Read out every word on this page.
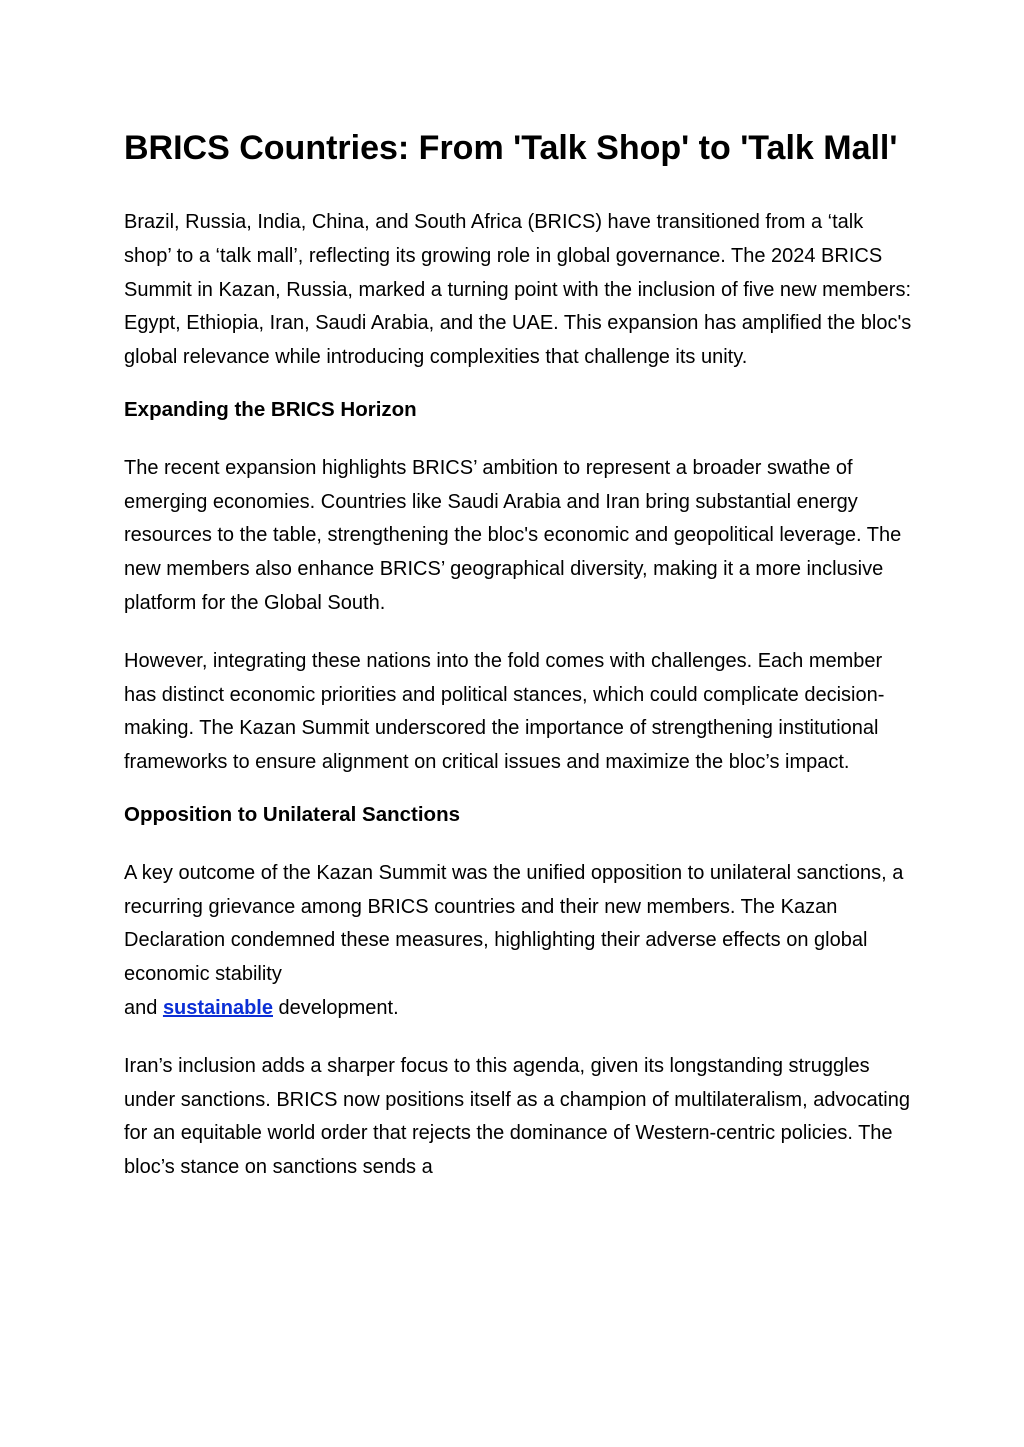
BRICS Countries: From 'Talk Shop' to 'Talk Mall'

Brazil, Russia, India, China, and South Africa (BRICS) have transitioned from a ‘talk shop’ to a ‘talk mall’, reflecting its growing role in global governance. The 2024 BRICS Summit in Kazan, Russia, marked a turning point with the inclusion of five new members: Egypt, Ethiopia, Iran, Saudi Arabia, and the UAE. This expansion has amplified the bloc's global relevance while introducing complexities that challenge its unity.

Expanding the BRICS Horizon

The recent expansion highlights BRICS’ ambition to represent a broader swathe of emerging economies. Countries like Saudi Arabia and Iran bring substantial energy resources to the table, strengthening the bloc's economic and geopolitical leverage. The new members also enhance BRICS’ geographical diversity, making it a more inclusive platform for the Global South.

However, integrating these nations into the fold comes with challenges. Each member has distinct economic priorities and political stances, which could complicate decision-making. The Kazan Summit underscored the importance of strengthening institutional frameworks to ensure alignment on critical issues and maximize the bloc’s impact.

Opposition to Unilateral Sanctions

A key outcome of the Kazan Summit was the unified opposition to unilateral sanctions, a recurring grievance among BRICS countries and their new members. The Kazan Declaration condemned these measures, highlighting their adverse effects on global economic stability
and sustainable development.

Iran’s inclusion adds a sharper focus to this agenda, given its longstanding struggles under sanctions. BRICS now positions itself as a champion of multilateralism, advocating for an equitable world order that rejects the dominance of Western-centric policies. The bloc’s stance on sanctions sends a
